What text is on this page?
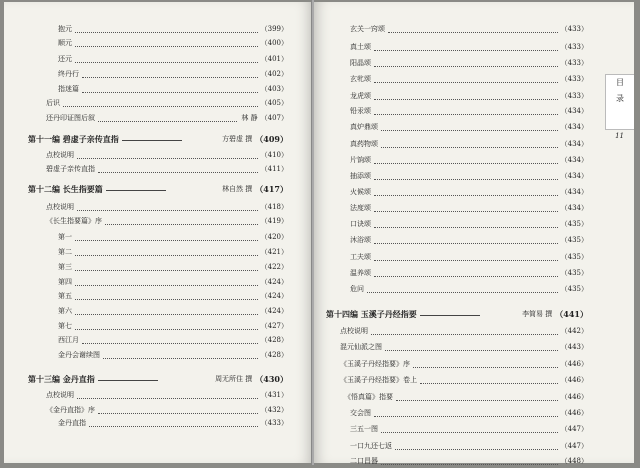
目
录
11
抱元	（399）
顺元	（400）
还元	（401）
终丹行	（402）
指迷篇	（403）
后识	（405）
还丹印证图后叙	（407）
林 静
第十一编 碧虚子亲传直指	（409）
方碧虚 撰
点校说明	（410）
碧虚子亲传直指	（411）
第十二编 长生指要篇	（417）
林自然 撰
点校说明	（418）
《长生指要篇》序	（419）
第一	（420）
第二	（421）
第三	（422）
第四	（424）
第五	（424）
第六	（424）
第七	（427）
西江月	（428）
金丹会谢续图	（428）
第十三编 金丹直指	（430）
周无所住 撰
点校说明	（431）
《金丹直指》序	（432）
金丹直指	（433）
玄关一窍颂	（433）
真土颂	（433）
阳晶颂	（433）
玄牝颂	（433）
龙虎颂	（433）
铅汞颂	（434）
真炉鼎颂	（434）
真药物颂	（434）
片饷颂	（434）
抽添颂	（434）
火候颂	（434）
法度颂	（434）
口诀颂	（435）
沐浴颂	（435）
工夫颂	（435）
温养颂	（435）
危问	（435）
第十四编 玉溪子丹经指要	（441）
李简易 撰
点校说明	（442）
混元仙派之图	（443）
《玉溪子丹经指要》序	（446）
《玉溪子丹经指要》卷上	（446）
《悟真篇》指要	（446）
交会图	（446）
三五一图	（447）
一口九还七返	（447）
二口昌器	（448）
